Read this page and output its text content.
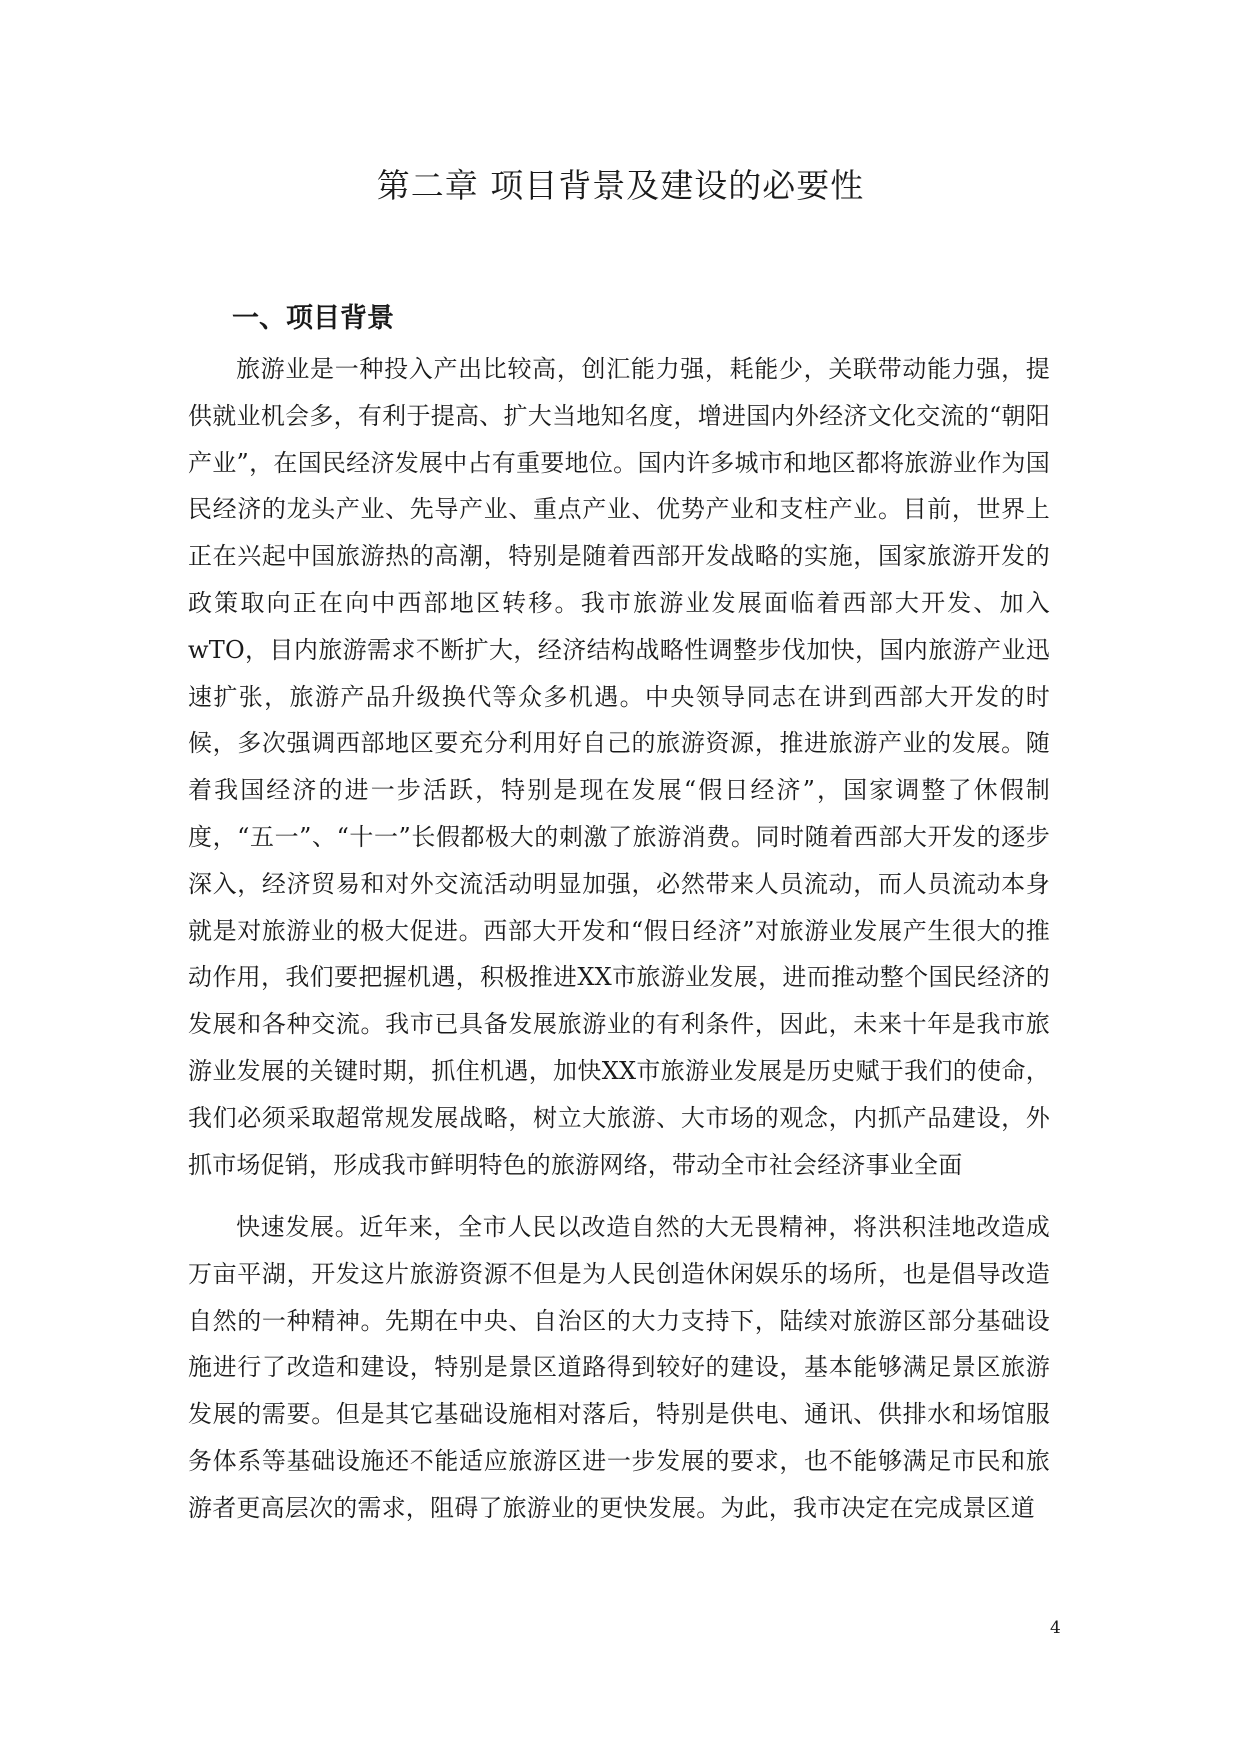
第二章 项目背景及建设的必要性
一、项目背景

旅游业是一种投入产出比较高，创汇能力强，耗能少，关联带动能力强，提供就业机会多，有利于提高、扩大当地知名度，增进国内外经济文化交流的“朝阳产业”，在国民经济发展中占有重要地位。国内许多城市和地区都将旅游业作为国民经济的龙头产业、先导产业、重点产业、优势产业和支柱产业。目前，世界上正在兴起中国旅游热的高潮，特别是随着西部开发战略的实施，国家旅游开发的政策取向正在向中西部地区转移。我市旅游业发展面临着西部大开发、加入wTO，目内旅游需求不断扩大，经济结构战略性调整步伐加快，国内旅游产业迅速扩张，旅游产品升级换代等众多机遇。中央领导同志在讲到西部大开发的时候，多次强调西部地区要充分利用好自己的旅游资源，推进旅游产业的发展。随着我国经济的进一步活跃，特别是现在发展“假日经济”，国家调整了休假制度，“五一”、“十一”长假都极大的刺激了旅游消费。同时随着西部大开发的逐步深入，经济贸易和对外交流活动明显加强，必然带来人员流动，而人员流动本身就是对旅游业的极大促进。西部大开发和“假日经济”对旅游业发展产生很大的推动作用，我们要把握机遇，积极推进XX市旅游业发展，进而推动整个国民经济的发展和各种交流。我市已具备发展旅游业的有利条件，因此，未来十年是我市旅游业发展的关键时期，抓住机遇，加快XX市旅游业发展是历史赋于我们的使命，我们必须采取超常规发展战略，树立大旅游、大市场的观念，内抓产品建设，外抓市场促销，形成我市鲜明特色的旅游网络，带动全市社会经济事业全面

快速发展。近年来，全市人民以改造自然的大无畏精神，将洪积洼地改造成万亩平湖，开发这片旅游资源不但是为人民创造休闲娱乐的场所，也是倡导改造自然的一种精神。先期在中央、自治区的大力支持下，陆续对旅游区部分基础设施进行了改造和建设，特别是景区道路得到较好的建设，基本能够满足景区旅游发展的需要。但是其它基础设施相对落后，特别是供电、通讯、供排水和场馆服务体系等基础设施还不能适应旅游区进一步发展的要求，也不能够满足市民和旅游者更高层次的需求，阻碍了旅游业的更快发展。为此，我市决定在完成景区道

4
